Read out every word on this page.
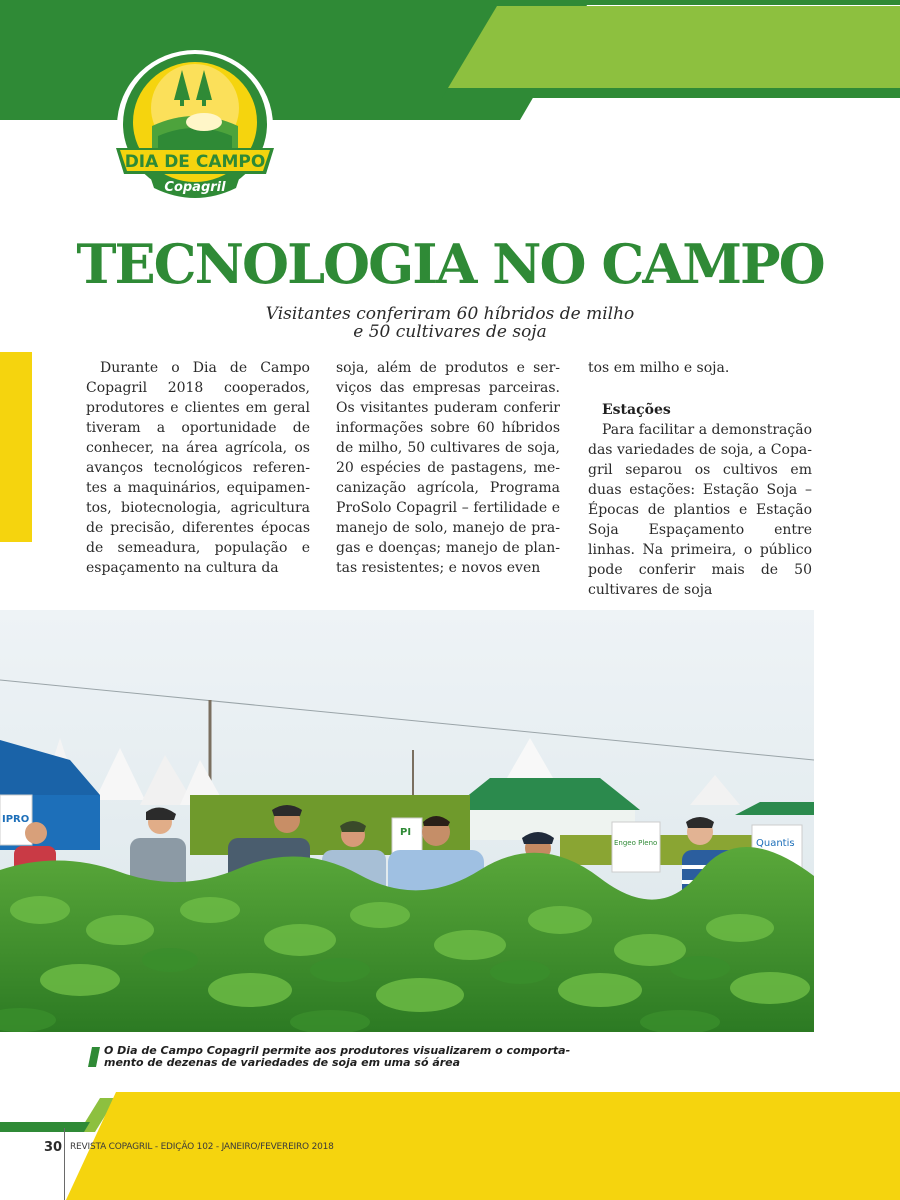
DIA DE CAMPO
Copagril
TECNOLOGIA NO CAMPO
Visitantes conferiram 60 híbridos de milho
e 50 cultivares de soja

Durante o Dia de Campo Copagril 2018 cooperados, produtores e clientes em geral tiveram a oportunidade de conhecer, na área agrícola, os avanços tecnológicos referentes a maquinários, equipamentos, biotecnologia, agricultura de precisão, diferentes épocas de semeadura, população e espaçamento na cultura da

soja, além de produtos e serviços das empresas parceiras. Os visitantes puderam conferir informações sobre 60 híbridos de milho, 50 cultivares de soja, 20 espécies de pastagens, mecanização agrícola, Programa ProSolo Copagril – fertilidade e manejo de solo, manejo de pragas e doenças; manejo de plantas resistentes; e novos even

tos em milho e soja.

Estações

Para facilitar a demonstração das variedades de soja, a Copagril separou os cultivos em duas estações: Estação Soja – Épocas de plantios e Estação Soja Espaçamento entre linhas. Na primeira, o público pode conferir mais de 50 cultivares de soja

IPRO
PI
Quantis
Engeo Pleno
O Dia de Campo Copagril permite aos produtores visualizarem o comporta-
mento de dezenas de variedades de soja em uma só área
30 REVISTA COPAGRIL - EDIÇÃO 102 - JANEIRO/FEVEREIRO 2018
